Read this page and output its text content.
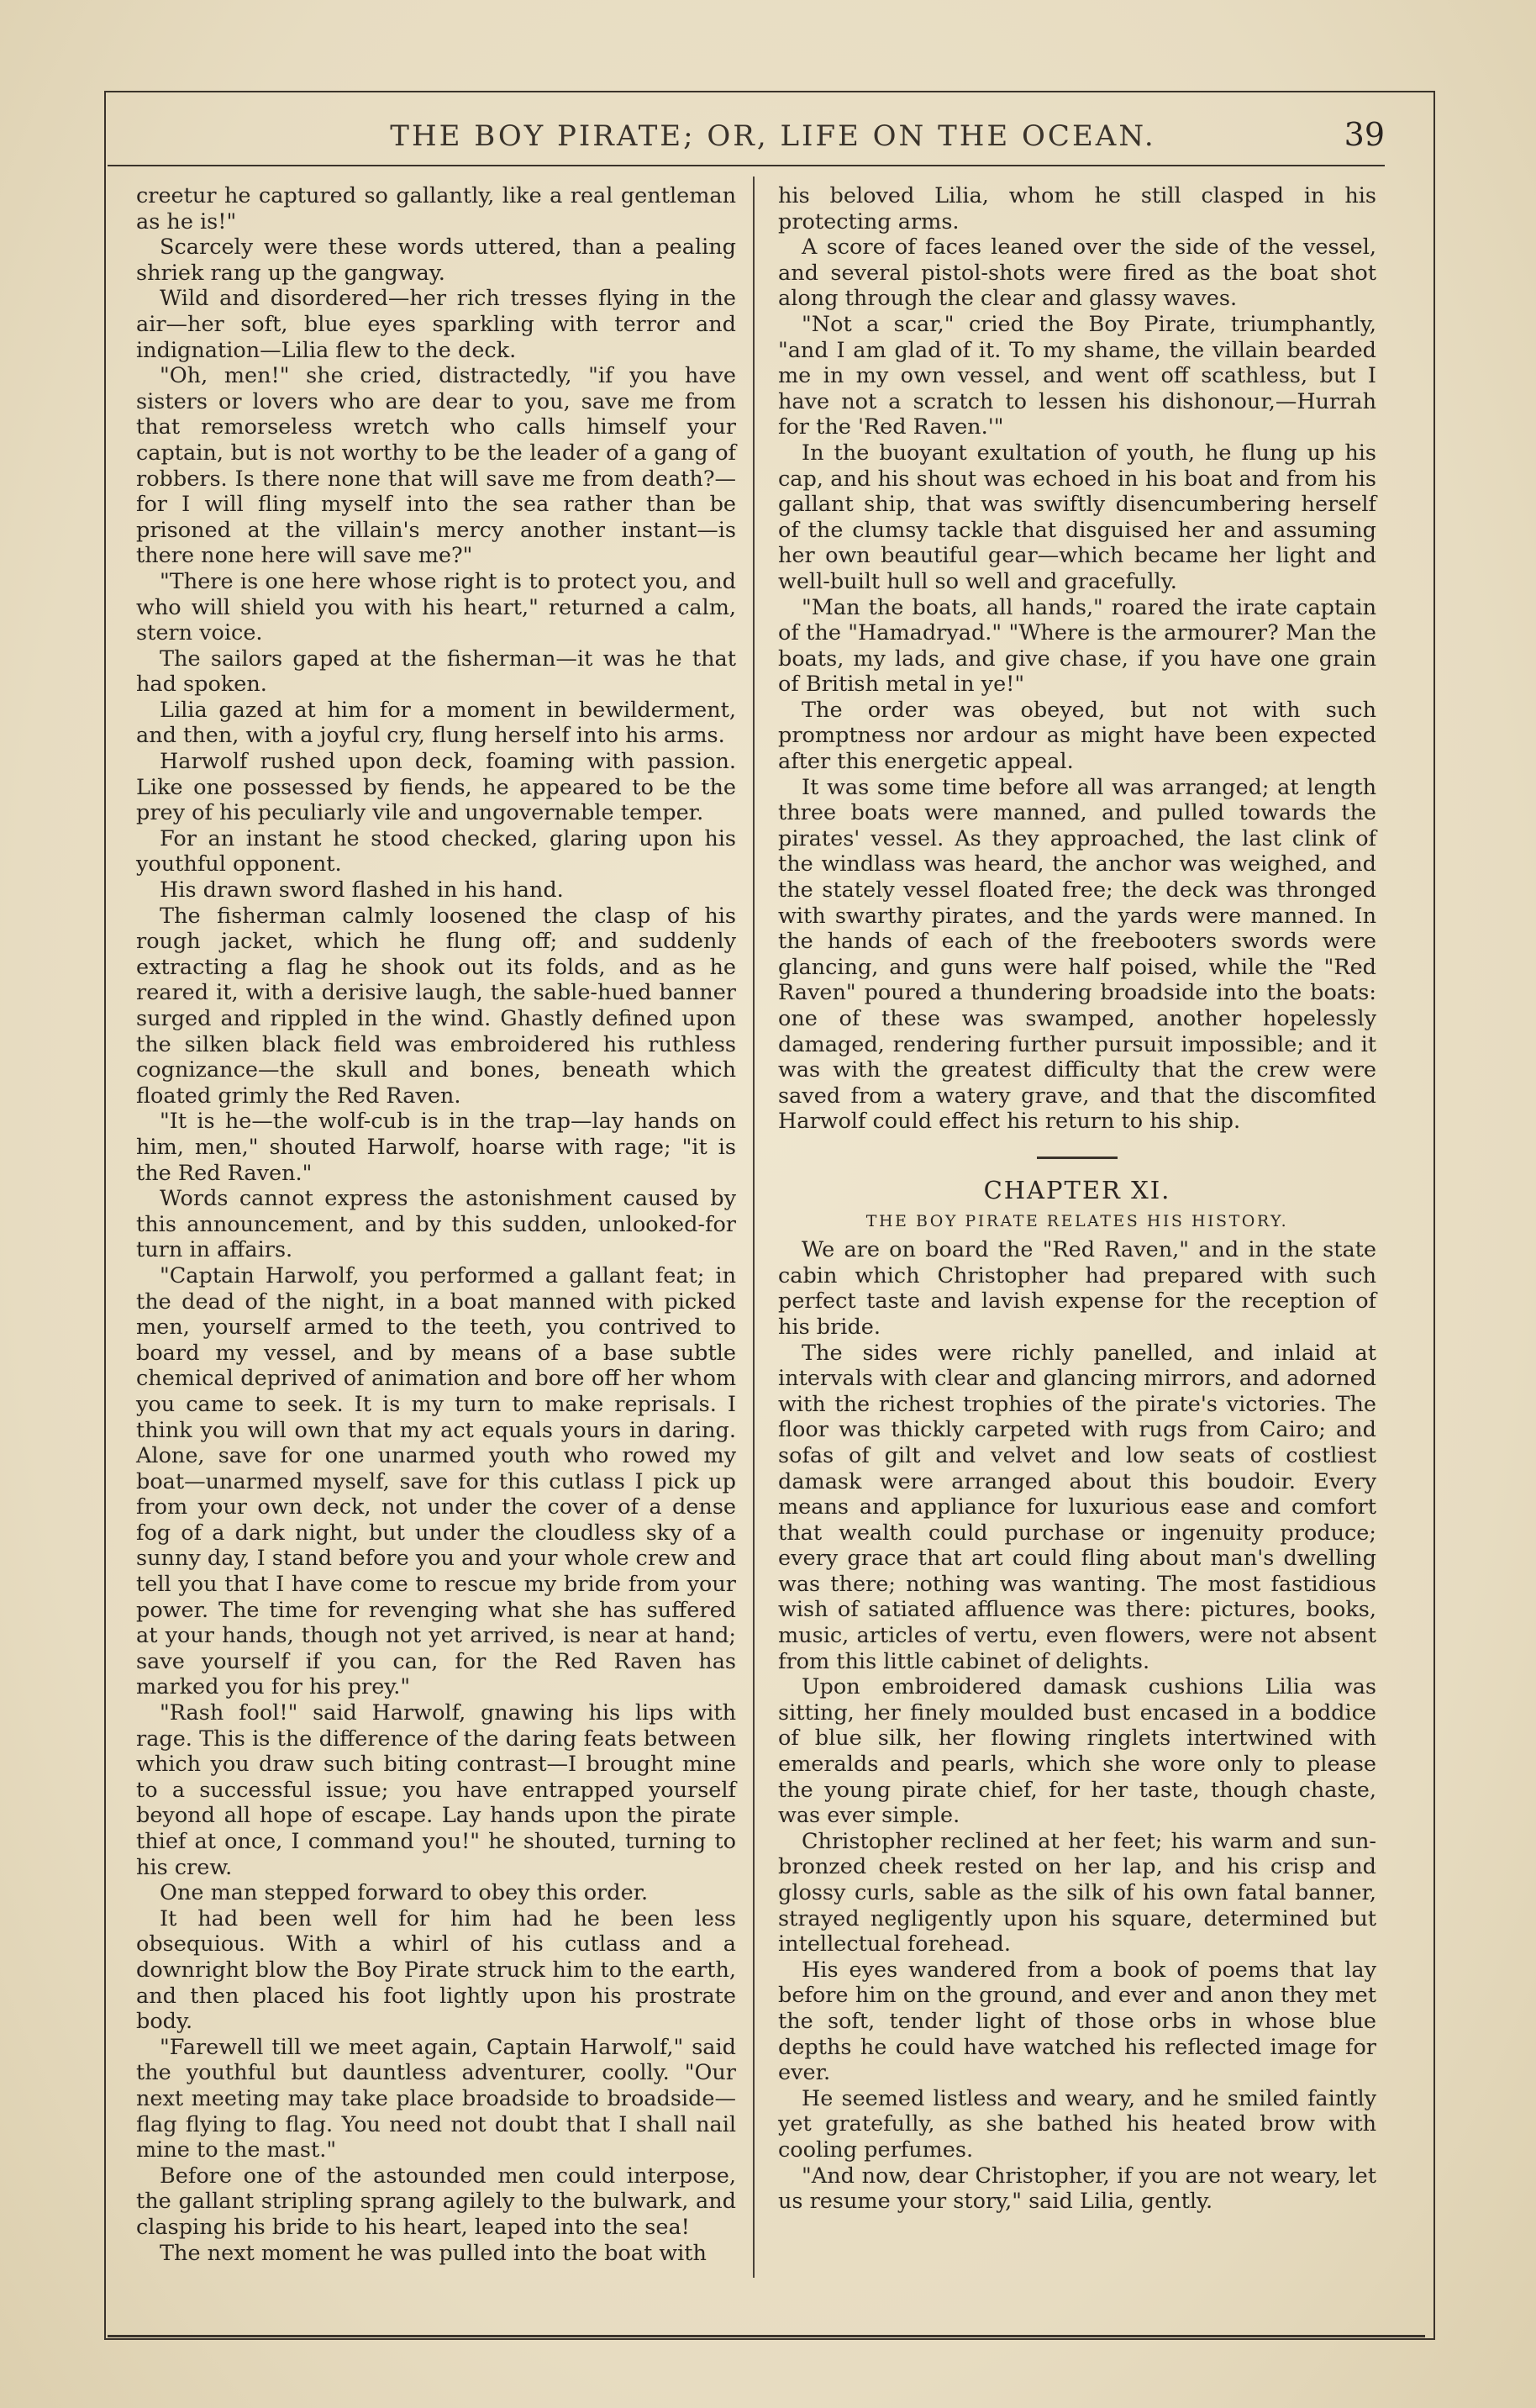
THE BOY PIRATE; OR, LIFE ON THE OCEAN.	39

creetur he captured so gallantly, like a real gentleman as he is!"

Scarcely were these words uttered, than a pealing shriek rang up the gangway.

Wild and disordered—her rich tresses flying in the air—her soft, blue eyes sparkling with terror and indignation—Lilia flew to the deck.

"Oh, men!" she cried, distractedly, "if you have sisters or lovers who are dear to you, save me from that remorseless wretch who calls himself your captain, but is not worthy to be the leader of a gang of robbers. Is there none that will save me from death?—for I will fling myself into the sea rather than be prisoned at the villain's mercy another instant—is there none here will save me?"

"There is one here whose right is to protect you, and who will shield you with his heart," returned a calm, stern voice.

The sailors gaped at the fisherman—it was he that had spoken.

Lilia gazed at him for a moment in bewilderment, and then, with a joyful cry, flung herself into his arms.

Harwolf rushed upon deck, foaming with passion. Like one possessed by fiends, he appeared to be the prey of his peculiarly vile and ungovernable temper.

For an instant he stood checked, glaring upon his youthful opponent.

His drawn sword flashed in his hand.

The fisherman calmly loosened the clasp of his rough jacket, which he flung off; and suddenly extracting a flag he shook out its folds, and as he reared it, with a derisive laugh, the sable-hued banner surged and rippled in the wind. Ghastly defined upon the silken black field was embroidered his ruthless cognizance—the skull and bones, beneath which floated grimly the Red Raven.

"It is he—the wolf-cub is in the trap—lay hands on him, men," shouted Harwolf, hoarse with rage; "it is the Red Raven."

Words cannot express the astonishment caused by this announcement, and by this sudden, unlooked-for turn in affairs.

"Captain Harwolf, you performed a gallant feat; in the dead of the night, in a boat manned with picked men, yourself armed to the teeth, you contrived to board my vessel, and by means of a base subtle chemical deprived of animation and bore off her whom you came to seek. It is my turn to make reprisals. I think you will own that my act equals yours in daring. Alone, save for one unarmed youth who rowed my boat—unarmed myself, save for this cutlass I pick up from your own deck, not under the cover of a dense fog of a dark night, but under the cloudless sky of a sunny day, I stand before you and your whole crew and tell you that I have come to rescue my bride from your power. The time for revenging what she has suffered at your hands, though not yet arrived, is near at hand; save yourself if you can, for the Red Raven has marked you for his prey."

"Rash fool!" said Harwolf, gnawing his lips with rage. This is the difference of the daring feats between which you draw such biting contrast—I brought mine to a successful issue; you have entrapped yourself beyond all hope of escape. Lay hands upon the pirate thief at once, I command you!" he shouted, turning to his crew.

One man stepped forward to obey this order.

It had been well for him had he been less obsequious. With a whirl of his cutlass and a downright blow the Boy Pirate struck him to the earth, and then placed his foot lightly upon his prostrate body.

"Farewell till we meet again, Captain Harwolf," said the youthful but dauntless adventurer, coolly. "Our next meeting may take place broadside to broadside—flag flying to flag. You need not doubt that I shall nail mine to the mast."

Before one of the astounded men could interpose, the gallant stripling sprang agilely to the bulwark, and clasping his bride to his heart, leaped into the sea!

The next moment he was pulled into the boat with

his beloved Lilia, whom he still clasped in his protecting arms.

A score of faces leaned over the side of the vessel, and several pistol-shots were fired as the boat shot along through the clear and glassy waves.

"Not a scar," cried the Boy Pirate, triumphantly, "and I am glad of it. To my shame, the villain bearded me in my own vessel, and went off scathless, but I have not a scratch to lessen his dishonour,—Hurrah for the 'Red Raven.'"

In the buoyant exultation of youth, he flung up his cap, and his shout was echoed in his boat and from his gallant ship, that was swiftly disencumbering herself of the clumsy tackle that disguised her and assuming her own beautiful gear—which became her light and well-built hull so well and gracefully.

"Man the boats, all hands," roared the irate captain of the "Hamadryad." "Where is the armourer? Man the boats, my lads, and give chase, if you have one grain of British metal in ye!"

The order was obeyed, but not with such promptness nor ardour as might have been expected after this energetic appeal.

It was some time before all was arranged; at length three boats were manned, and pulled towards the pirates' vessel. As they approached, the last clink of the windlass was heard, the anchor was weighed, and the stately vessel floated free; the deck was thronged with swarthy pirates, and the yards were manned. In the hands of each of the freebooters swords were glancing, and guns were half poised, while the "Red Raven" poured a thundering broadside into the boats: one of these was swamped, another hopelessly damaged, rendering further pursuit impossible; and it was with the greatest difficulty that the crew were saved from a watery grave, and that the discomfited Harwolf could effect his return to his ship.

CHAPTER XI.
THE BOY PIRATE RELATES HIS HISTORY.

We are on board the "Red Raven," and in the state cabin which Christopher had prepared with such perfect taste and lavish expense for the reception of his bride.

The sides were richly panelled, and inlaid at intervals with clear and glancing mirrors, and adorned with the richest trophies of the pirate's victories. The floor was thickly carpeted with rugs from Cairo; and sofas of gilt and velvet and low seats of costliest damask were arranged about this boudoir. Every means and appliance for luxurious ease and comfort that wealth could purchase or ingenuity produce; every grace that art could fling about man's dwelling was there; nothing was wanting. The most fastidious wish of satiated affluence was there: pictures, books, music, articles of vertu, even flowers, were not absent from this little cabinet of delights.

Upon embroidered damask cushions Lilia was sitting, her finely moulded bust encased in a boddice of blue silk, her flowing ringlets intertwined with emeralds and pearls, which she wore only to please the young pirate chief, for her taste, though chaste, was ever simple.

Christopher reclined at her feet; his warm and sun-bronzed cheek rested on her lap, and his crisp and glossy curls, sable as the silk of his own fatal banner, strayed negligently upon his square, determined but intellectual forehead.

His eyes wandered from a book of poems that lay before him on the ground, and ever and anon they met the soft, tender light of those orbs in whose blue depths he could have watched his reflected image for ever.

He seemed listless and weary, and he smiled faintly yet gratefully, as she bathed his heated brow with cooling perfumes.

"And now, dear Christopher, if you are not weary, let us resume your story," said Lilia, gently.
